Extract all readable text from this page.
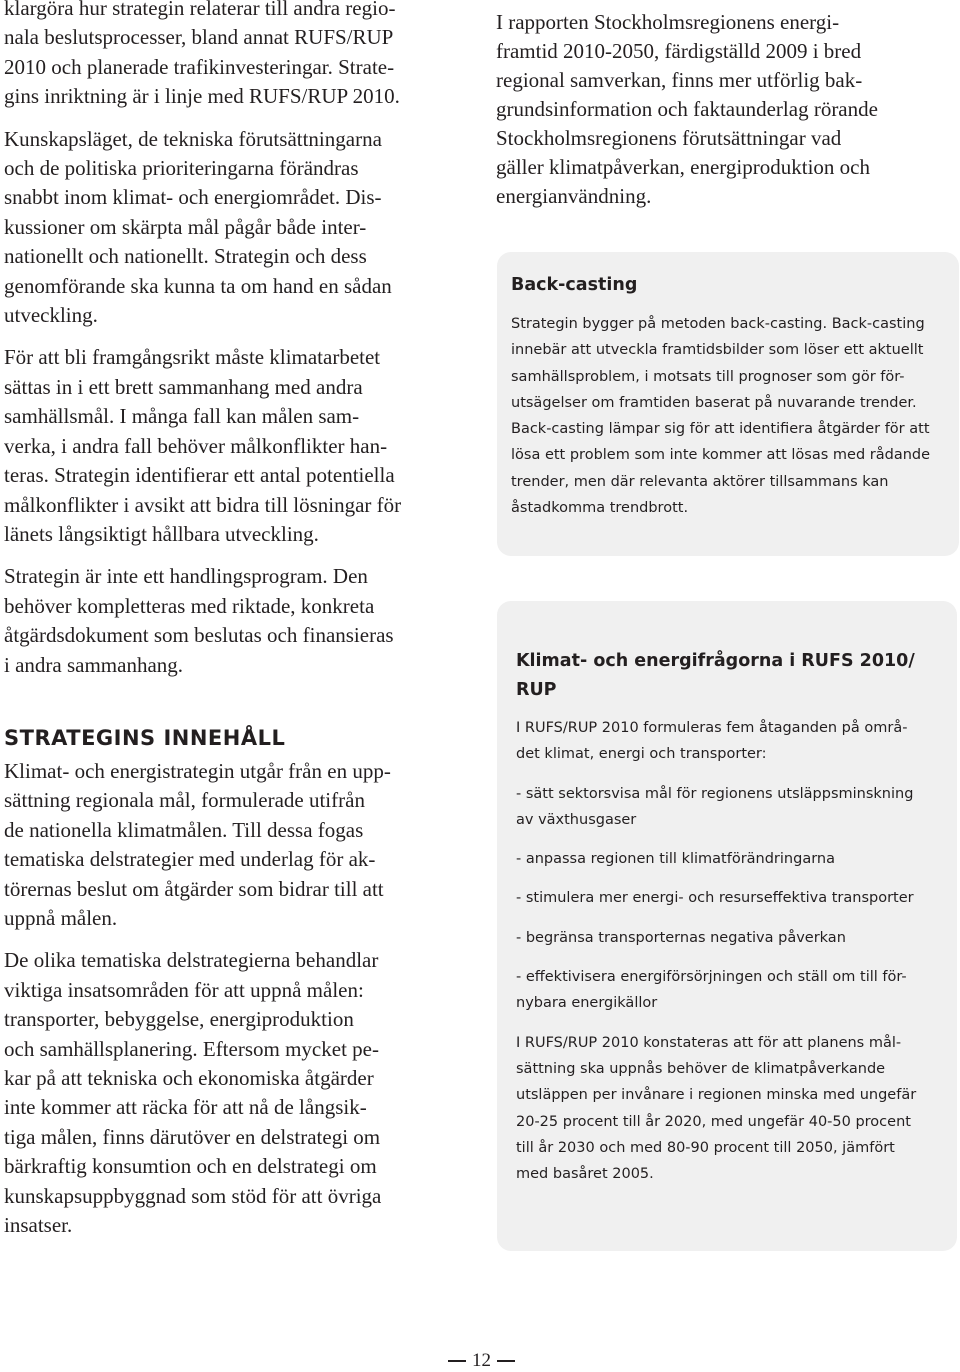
klargöra hur strategin relaterar till andra regio-
nala beslutsprocesser, bland annat RUFS/RUP
2010 och planerade trafikinvesteringar. Strate-
gins inriktning är i linje med RUFS/RUP 2010.

Kunskapsläget, de tekniska förutsättningarna
och de politiska prioriteringarna förändras
snabbt inom klimat- och energiområdet. Dis-
kussioner om skärpta mål pågår både inter-
nationellt och nationellt. Strategin och dess
genomförande ska kunna ta om hand en sådan
utveckling.

För att bli framgångsrikt måste klimatarbetet
sättas in i ett brett sammanhang med andra
samhällsmål. I många fall kan målen sam-
verka, i andra fall behöver målkonflikter han-
teras. Strategin identifierar ett antal potentiella
målkonflikter i avsikt att bidra till lösningar för
länets långsiktigt hållbara utveckling.

Strategin är inte ett handlingsprogram. Den
behöver kompletteras med riktade, konkreta
åtgärdsdokument som beslutas och finansieras
i andra sammanhang.

STRATEGINS INNEHÅLL

Klimat- och energistrategin utgår från en upp-
sättning regionala mål, formulerade utifrån
de nationella klimatmålen. Till dessa fogas
tematiska delstrategier med underlag för ak-
törernas beslut om åtgärder som bidrar till att
uppnå målen.

De olika tematiska delstrategierna behandlar
viktiga insatsområden för att uppnå målen:
transporter, bebyggelse, energiproduktion
och samhällsplanering. Eftersom mycket pe-
kar på att tekniska och ekonomiska åtgärder
inte kommer att räcka för att nå de långsik-
tiga målen, finns därutöver en delstrategi om
bärkraftig konsumtion och en delstrategi om
kunskapsuppbyggnad som stöd för att övriga
insatser.

I rapporten Stockholmsregionens energi-
framtid 2010-2050, färdigställd 2009 i bred
regional samverkan, finns mer utförlig bak-
grundsinformation och faktaunderlag rörande
Stockholmsregionens förutsättningar vad
gäller klimatpåverkan, energiproduktion och
energianvändning.

Back-casting

Strategin bygger på metoden back-casting. Back-casting
innebär att utveckla framtidsbilder som löser ett aktuellt
samhällsproblem, i motsats till prognoser som gör för-
utsägelser om framtiden baserat på nuvarande trender.
Back-casting lämpar sig för att identifiera åtgärder för att
lösa ett problem som inte kommer att lösas med rådande
trender, men där relevanta aktörer tillsammans kan
åstadkomma trendbrott.

Klimat- och energifrågorna i RUFS 2010/
RUP

I RUFS/RUP 2010 formuleras fem åtaganden på områ-
det klimat, energi och transporter:

- sätt sektorsvisa mål för regionens utsläppsminskning
av växthusgaser

- anpassa regionen till klimatförändringarna

- stimulera mer energi- och resurseffektiva transporter

- begränsa transporternas negativa påverkan

- effektivisera energiförsörjningen och ställ om till för-
nybara energikällor

I RUFS/RUP 2010 konstateras att för att planens mål-
sättning ska uppnås behöver de klimatpåverkande
utsläppen per invånare i regionen minska med ungefär
20-25 procent till år 2020, med ungefär 40-50 procent
till år 2030 och med 80-90 procent till 2050, jämfört
med basåret 2005.

12
